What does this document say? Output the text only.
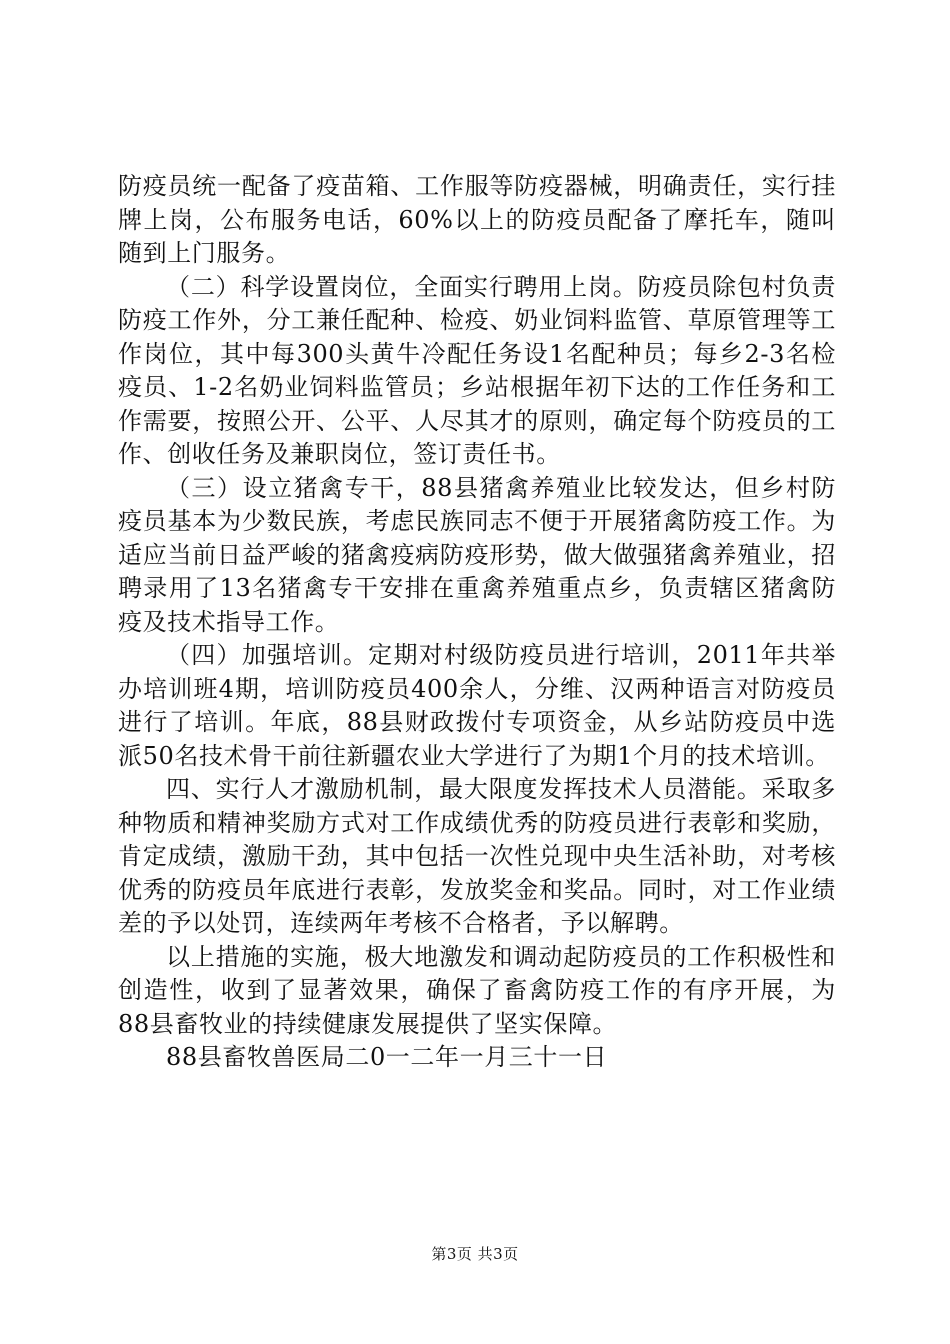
防疫员统一配备了疫苗箱、工作服等防疫器械，明确责任，实行挂牌上岗，公布服务电话，60%以上的防疫员配备了摩托车，随叫随到上门服务。

（二）科学设置岗位，全面实行聘用上岗。防疫员除包村负责防疫工作外，分工兼任配种、检疫、奶业饲料监管、草原管理等工作岗位，其中每300头黄牛冷配任务设1名配种员；每乡2-3名检疫员、1-2名奶业饲料监管员；乡站根据年初下达的工作任务和工作需要，按照公开、公平、人尽其才的原则，确定每个防疫员的工作、创收任务及兼职岗位，签订责任书。

（三）设立猪禽专干，88县猪禽养殖业比较发达，但乡村防疫员基本为少数民族，考虑民族同志不便于开展猪禽防疫工作。为适应当前日益严峻的猪禽疫病防疫形势，做大做强猪禽养殖业，招聘录用了13名猪禽专干安排在重禽养殖重点乡，负责辖区猪禽防疫及技术指导工作。

（四）加强培训。定期对村级防疫员进行培训，2011年共举办培训班4期，培训防疫员400余人，分维、汉两种语言对防疫员进行了培训。年底，88县财政拨付专项资金，从乡站防疫员中选派50名技术骨干前往新疆农业大学进行了为期1个月的技术培训。

四、实行人才激励机制，最大限度发挥技术人员潜能。采取多种物质和精神奖励方式对工作成绩优秀的防疫员进行表彰和奖励，肯定成绩，激励干劲，其中包括一次性兑现中央生活补助，对考核优秀的防疫员年底进行表彰，发放奖金和奖品。同时，对工作业绩差的予以处罚，连续两年考核不合格者，予以解聘。

以上措施的实施，极大地激发和调动起防疫员的工作积极性和创造性，收到了显著效果，确保了畜禽防疫工作的有序开展，为88县畜牧业的持续健康发展提供了坚实保障。

88县畜牧兽医局二0一二年一月三十一日

第3页 共3页
